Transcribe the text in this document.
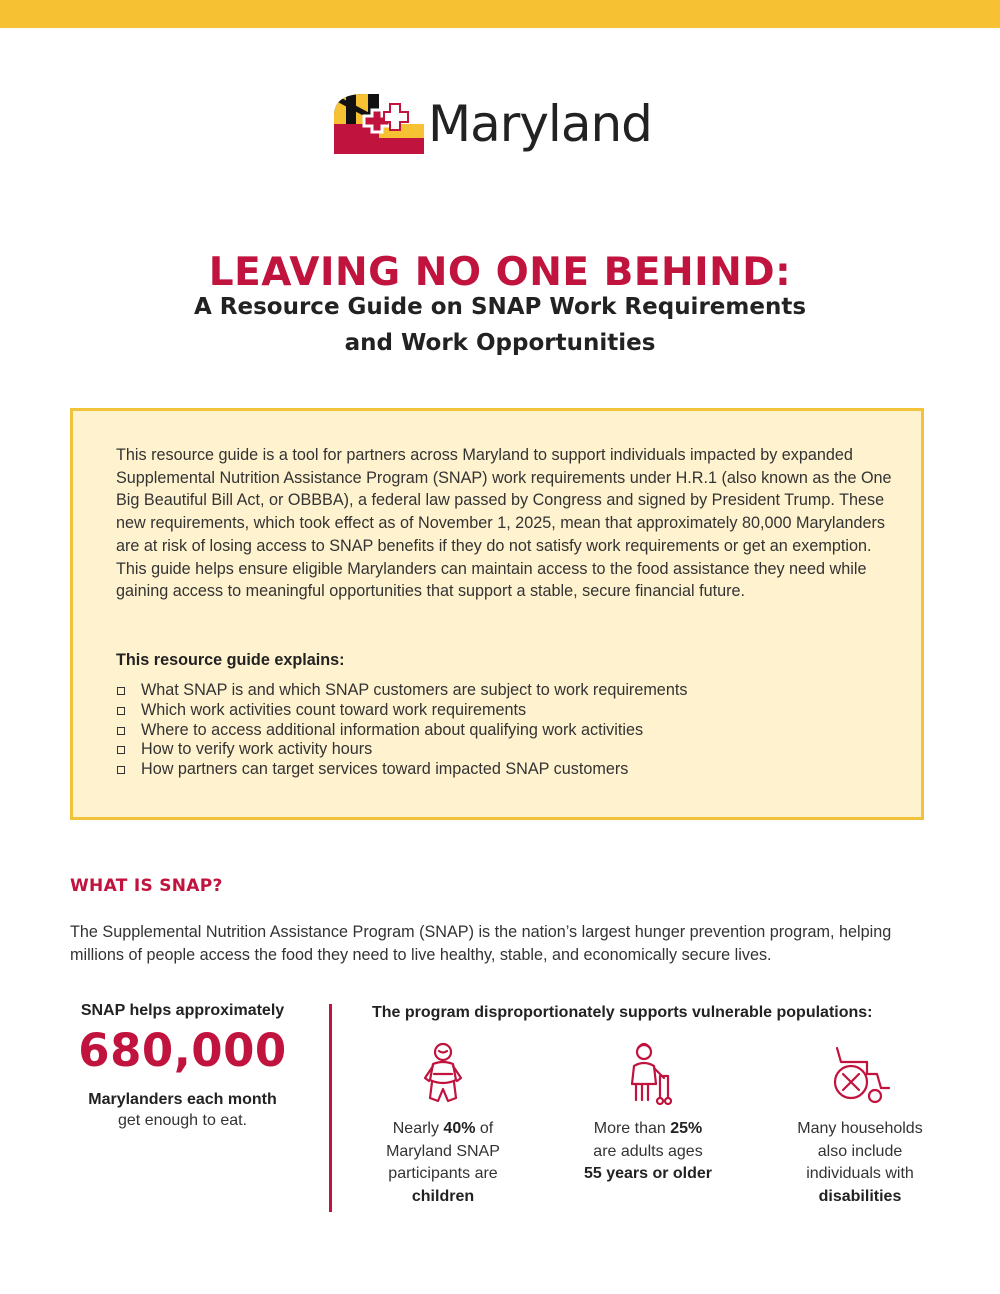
Maryland
LEAVING NO ONE BEHIND:
A Resource Guide on SNAP Work Requirements
and Work Opportunities

This resource guide is a tool for partners across Maryland to support individuals impacted by expanded Supplemental Nutrition Assistance Program (SNAP) work requirements under H.R.1 (also known as the One Big Beautiful Bill Act, or OBBBA), a federal law passed by Congress and signed by President Trump. These new requirements, which took effect as of November 1, 2025, mean that approximately 80,000 Marylanders are at risk of losing access to SNAP benefits if they do not satisfy work requirements or get an exemption. This guide helps ensure eligible Marylanders can maintain access to the food assistance they need while gaining access to meaningful opportunities that support a stable, secure financial future.

This resource guide explains:

What SNAP is and which SNAP customers are subject to work requirements
Which work activities count toward work requirements
Where to access additional information about qualifying work activities
How to verify work activity hours
How partners can target services toward impacted SNAP customers
WHAT IS SNAP?

The Supplemental Nutrition Assistance Program (SNAP) is the nation’s largest hunger prevention program, helping millions of people access the food they need to live healthy, stable, and economically secure lives.

SNAP helps approximately
680,000
Marylanders each month
get enough to eat.

The program disproportionately supports vulnerable populations:

Nearly 40% of
Maryland SNAP
participants are
children
More than 25%
are adults ages
55 years or older
Many households
also include
individuals with
disabilities
